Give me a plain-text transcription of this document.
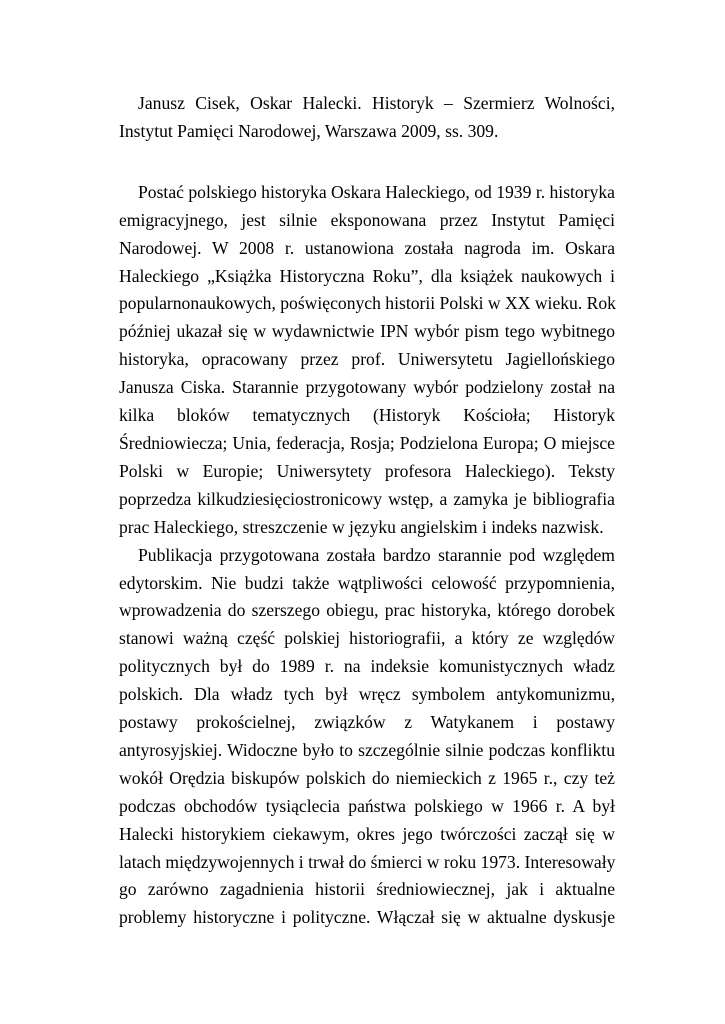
Janusz Cisek, Oskar Halecki. Historyk – Szermierz Wolności,
Instytut Pamięci Narodowej, Warszawa 2009, ss. 309.
Postać polskiego historyka Oskara Haleckiego, od 1939 r. historyka
emigracyjnego, jest silnie eksponowana przez Instytut Pamięci
Narodowej. W 2008 r. ustanowiona została nagroda im. Oskara
Haleckiego „Książka Historyczna Roku”, dla książek naukowych i
popularnonaukowych, poświęconych historii Polski w XX wieku. Rok
później ukazał się w wydawnictwie IPN wybór pism tego wybitnego
historyka, opracowany przez prof. Uniwersytetu Jagiellońskiego
Janusza Ciska. Starannie przygotowany wybór podzielony został na
kilka bloków tematycznych (Historyk Kościoła; Historyk
Średniowiecza; Unia, federacja, Rosja; Podzielona Europa; O miejsce
Polski w Europie; Uniwersytety profesora Haleckiego). Teksty
poprzedza kilkudziesięciostronicowy wstęp, a zamyka je bibliografia
prac Haleckiego, streszczenie w języku angielskim i indeks nazwisk.
Publikacja przygotowana została bardzo starannie pod względem
edytorskim. Nie budzi także wątpliwości celowość przypomnienia,
wprowadzenia do szerszego obiegu, prac historyka, którego dorobek
stanowi ważną część polskiej historiografii, a który ze względów
politycznych był do 1989 r. na indeksie komunistycznych władz
polskich. Dla władz tych był wręcz symbolem antykomunizmu,
postawy prokościelnej, związków z Watykanem i postawy
antyrosyjskiej. Widoczne było to szczególnie silnie podczas konfliktu
wokół Orędzia biskupów polskich do niemieckich z 1965 r., czy też
podczas obchodów tysiąclecia państwa polskiego w 1966 r. A był
Halecki historykiem ciekawym, okres jego twórczości zaczął się w
latach międzywojennych i trwał do śmierci w roku 1973. Interesowały
go zarówno zagadnienia historii średniowiecznej, jak i aktualne
problemy historyczne i polityczne. Włączał się w aktualne dyskusje
